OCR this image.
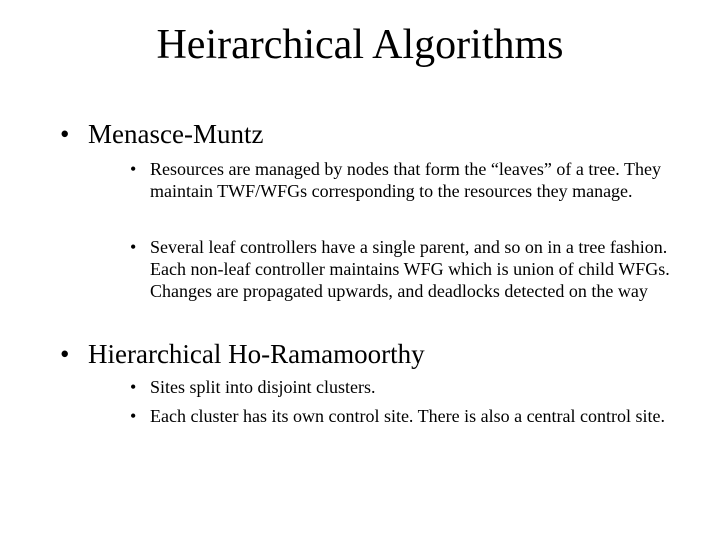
Heirarchical Algorithms
• Menasce-Muntz
• Resources are managed by nodes that form the “leaves” of a tree. They maintain TWF/WFGs corresponding to the resources they manage.
• Several leaf controllers have a single parent, and so on in a tree fashion. Each non-leaf controller maintains WFG which is union of child WFGs. Changes are propagated upwards, and deadlocks detected on the way
• Hierarchical Ho-Ramamoorthy
• Sites split into disjoint clusters.
• Each cluster has its own control site. There is also a central control site.
